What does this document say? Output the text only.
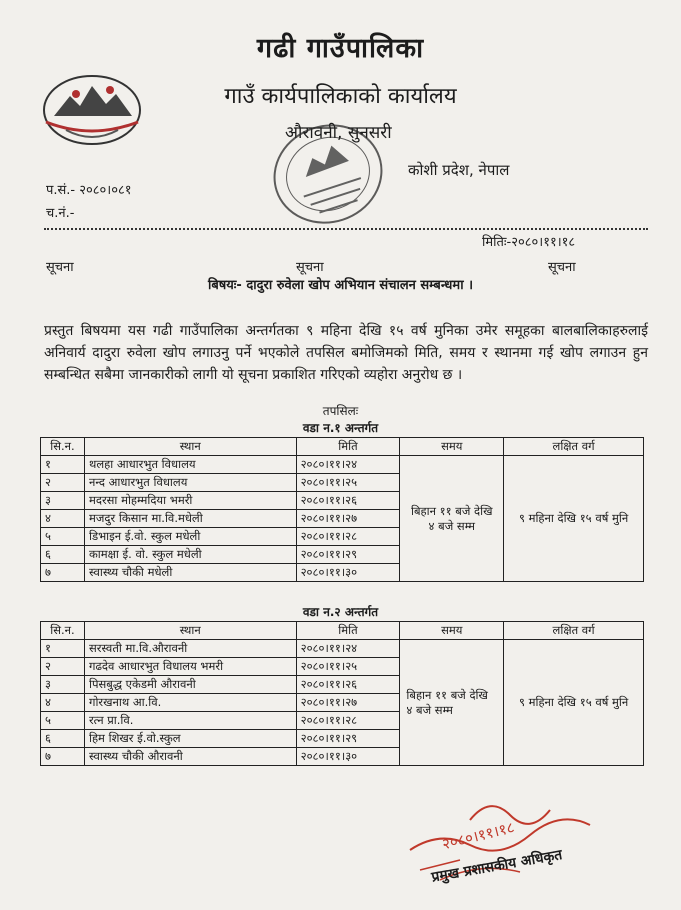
गढी गाउँपालिका
गाउँ कार्यपालिकाको कार्यालय
औरावनी, सुनसरी
कोशी प्रदेश, नेपाल
प.सं.- २०८०।०८१
च.नं.-
मितिः-२०८०।११।१८
सूचना	सूचना	सूचना
बिषयः- दादुरा रुवेला खोप अभियान संचालन सम्बन्धमा ।
प्रस्तुत बिषयमा यस गढी गाउँपालिका अन्तर्गतका ९ महिना देखि १५ वर्ष मुनिका उमेर समूहका बालबालिकाहरुलाई अनिवार्य दादुरा रुवेला खोप लगाउनु पर्ने भएकोले तपसिल बमोजिमको मिति, समय र स्थानमा गई खोप लगाउन हुन सम्बन्धित सबैमा जानकारीको लागी यो सूचना प्रकाशित गरिएको व्यहोरा अनुरोध छ ।
तपसिलः
वडा न.१ अन्तर्गत
सि.न.	स्थान	मिति	समय	लक्षित वर्ग
१	थलहा आधारभुत विधालय	२०८०।११।२४	बिहान ११ बजे देखि ४ बजे सम्म	९ महिना देखि १५ वर्ष मुनि
२	नन्द आधारभुत विधालय	२०८०।११।२५		
३	मदरसा मोहम्मदिया भमरी	२०८०।११।२६		
४	मजदुर किसान मा.वि.मधेली	२०८०।११।२७		
५	डिभाइन ई.वो. स्कुल मधेली	२०८०।११।२८		
६	कामक्षा ई. वो. स्कुल मधेली	२०८०।११।२९		
७	स्वास्थ्य चौकी मधेली	२०८०।११।३०		
वडा न.२ अन्तर्गत
सि.न.	स्थान	मिति	समय	लक्षित वर्ग
१	सरस्वती मा.वि.औरावनी	२०८०।११।२४	बिहान ११ बजे देखि ४ बजे सम्म	९ महिना देखि १५ वर्ष मुनि
२	गढदेव आधारभुत विधालय भमरी	२०८०।११।२५		
३	पिसबुद्ध एकेडमी औरावनी	२०८०।११।२६		
४	गोरखनाथ आ.वि.	२०८०।११।२७		
५	रत्न प्रा.वि.	२०८०।११।२८		
६	हिम शिखर ई.वो.स्कुल	२०८०।११।२९		
७	स्वास्थ्य चौकी औरावनी	२०८०।११।३०		
२०८०।११।१८
प्रमुख प्रशासकीय अधिकृत
